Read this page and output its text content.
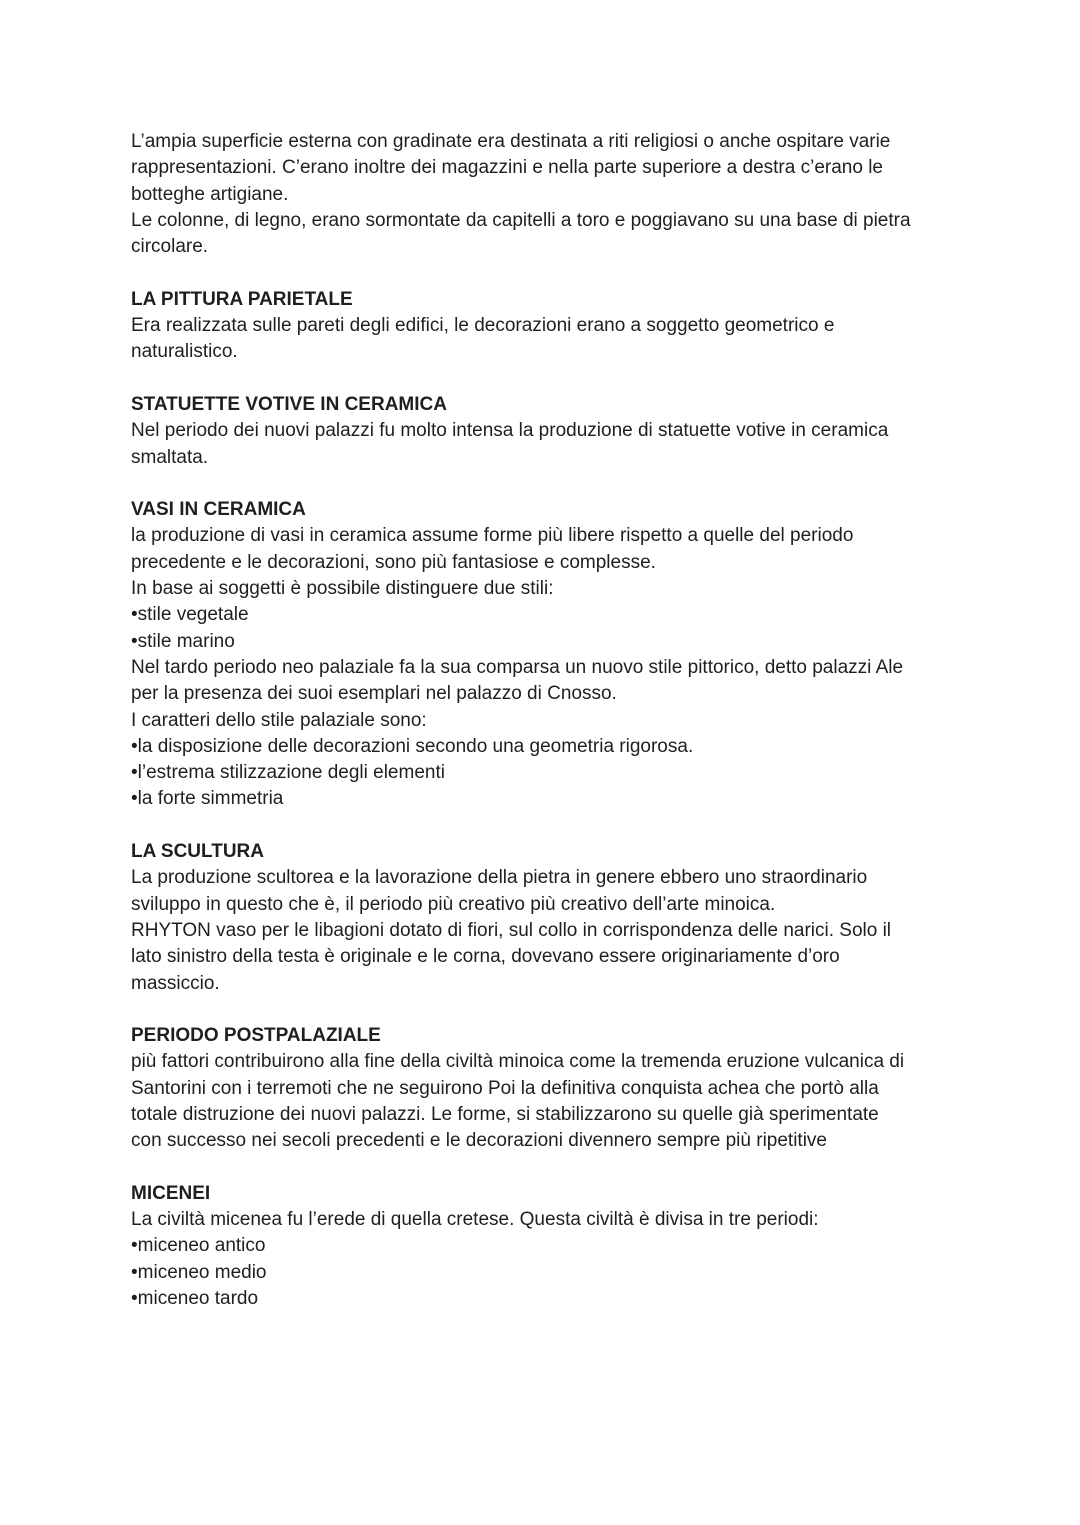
L’ampia superficie esterna con gradinate era destinata a riti religiosi o anche ospitare varie
rappresentazioni. C’erano inoltre dei magazzini e nella parte superiore a destra c’erano le
botteghe artigiane.
Le colonne, di legno, erano sormontate da capitelli a toro e poggiavano su una base di pietra
circolare.
LA PITTURA PARIETALE
Era realizzata sulle pareti degli edifici, le decorazioni erano a soggetto geometrico e
naturalistico.
STATUETTE VOTIVE IN CERAMICA
Nel periodo dei nuovi palazzi fu molto intensa la produzione di statuette votive in ceramica
smaltata.
VASI IN CERAMICA
la produzione di vasi in ceramica assume forme più libere rispetto a quelle del periodo
precedente e le decorazioni, sono più fantasiose e complesse.
In base ai soggetti è possibile distinguere due stili:
•stile vegetale
•stile marino
Nel tardo periodo neo palaziale fa la sua comparsa un nuovo stile pittorico, detto palazzi Ale
per la presenza dei suoi esemplari nel palazzo di Cnosso.
I caratteri dello stile palaziale sono:
•la disposizione delle decorazioni secondo una geometria rigorosa.
•l’estrema stilizzazione degli elementi
•la forte simmetria
LA SCULTURA
La produzione scultorea e la lavorazione della pietra in genere ebbero uno straordinario
sviluppo in questo che è, il periodo più creativo più creativo dell’arte minoica.
RHYTON vaso per le libagioni dotato di fiori, sul collo in corrispondenza delle narici. Solo il
lato sinistro della testa è originale e le corna, dovevano essere originariamente d’oro
massiccio.
PERIODO POSTPALAZIALE
più fattori contribuirono alla fine della civiltà minoica come la tremenda eruzione vulcanica di
Santorini con i terremoti che ne seguirono Poi la definitiva conquista achea che portò alla
totale distruzione dei nuovi palazzi. Le forme, si stabilizzarono su quelle già sperimentate
con successo nei secoli precedenti e le decorazioni divennero sempre più ripetitive
MICENEI
La civiltà micenea fu l’erede di quella cretese. Questa civiltà è divisa in tre periodi:
•miceneo antico
•miceneo medio
•miceneo tardo
